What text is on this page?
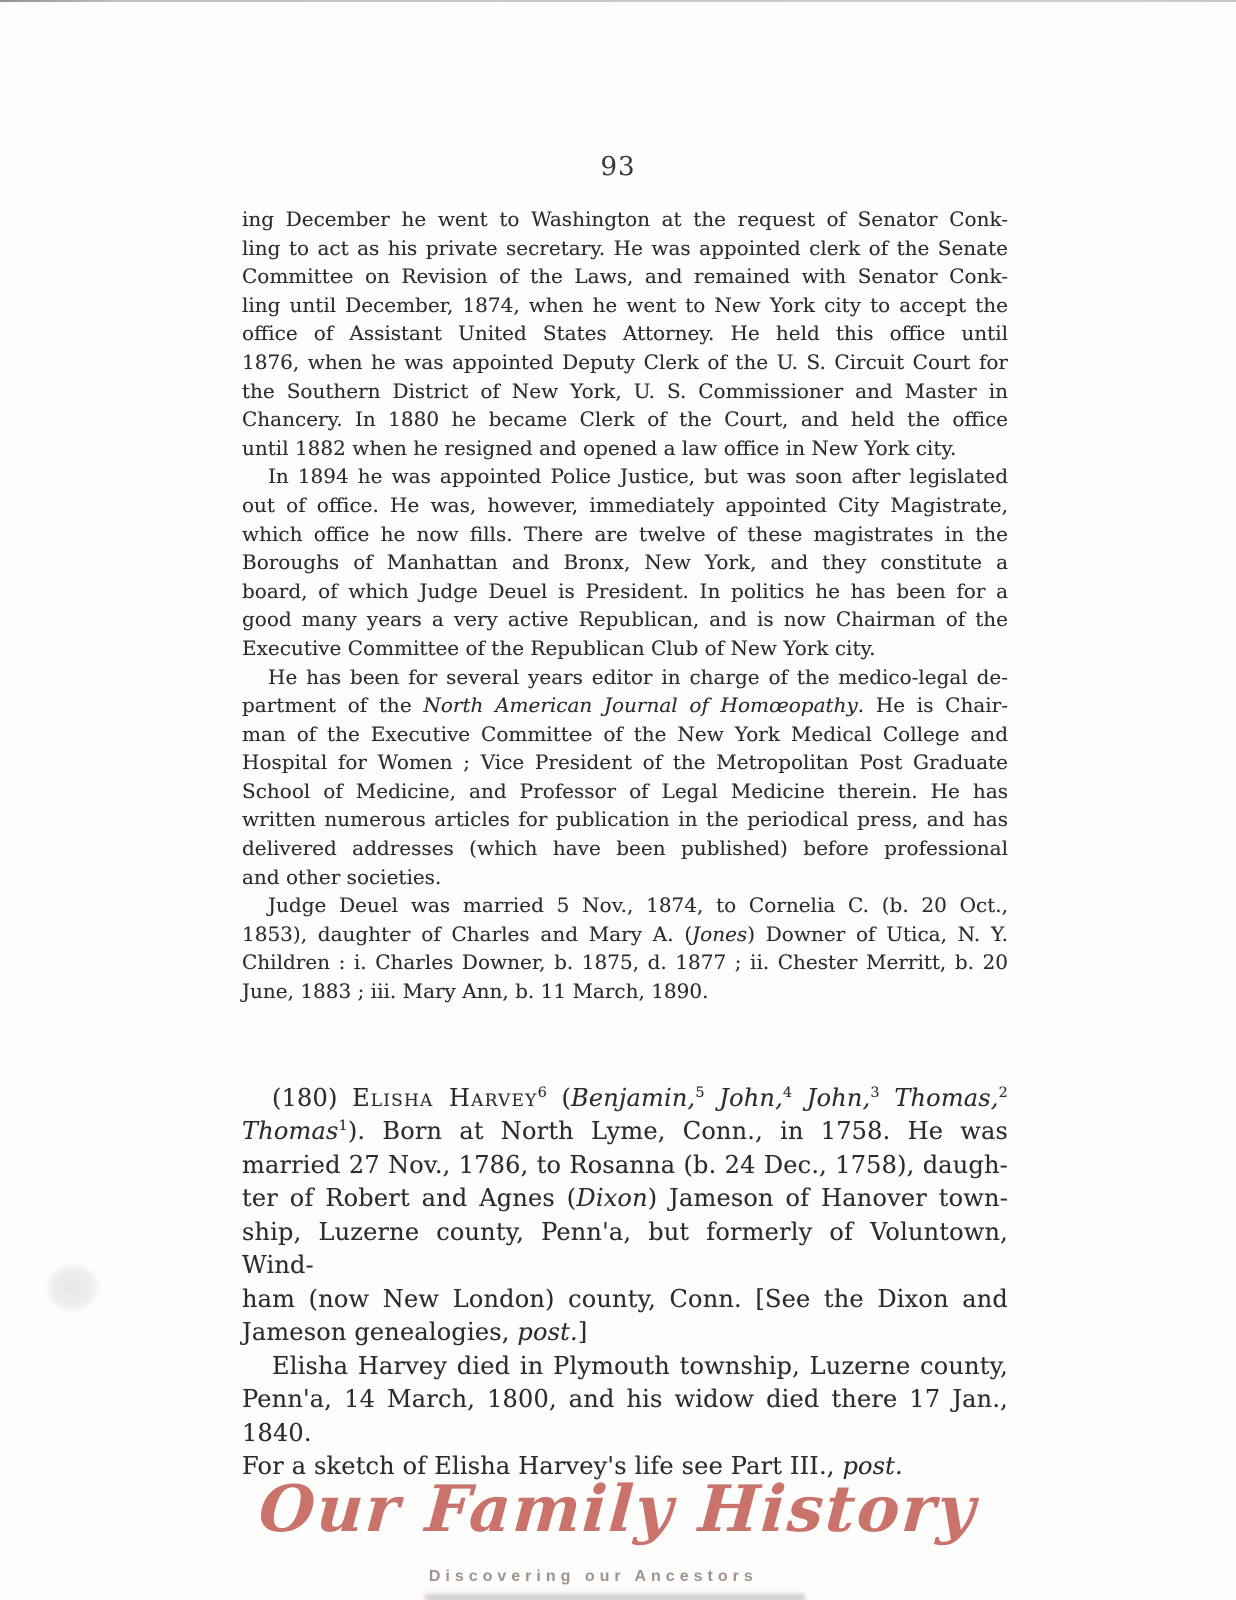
93
ing December he went to Washington at the request of Senator Conk-
ling to act as his private secretary. He was appointed clerk of the Senate
Committee on Revision of the Laws, and remained with Senator Conk-
ling until December, 1874, when he went to New York city to accept the
office of Assistant United States Attorney. He held this office until
1876, when he was appointed Deputy Clerk of the U. S. Circuit Court for
the Southern District of New York, U. S. Commissioner and Master in
Chancery. In 1880 he became Clerk of the Court, and held the office
until 1882 when he resigned and opened a law office in New York city.
In 1894 he was appointed Police Justice, but was soon after legislated
out of office. He was, however, immediately appointed City Magistrate,
which office he now fills. There are twelve of these magistrates in the
Boroughs of Manhattan and Bronx, New York, and they constitute a
board, of which Judge Deuel is President. In politics he has been for a
good many years a very active Republican, and is now Chairman of the
Executive Committee of the Republican Club of New York city.
He has been for several years editor in charge of the medico-legal de-
partment of the North American Journal of Homœopathy. He is Chair-
man of the Executive Committee of the New York Medical College and
Hospital for Women ; Vice President of the Metropolitan Post Graduate
School of Medicine, and Professor of Legal Medicine therein. He has
written numerous articles for publication in the periodical press, and has
delivered addresses (which have been published) before professional
and other societies.
Judge Deuel was married 5 Nov., 1874, to Cornelia C. (b. 20 Oct.,
1853), daughter of Charles and Mary A. (Jones) Downer of Utica, N. Y.
Children : i. Charles Downer, b. 1875, d. 1877 ; ii. Chester Merritt, b. 20
June, 1883 ; iii. Mary Ann, b. 11 March, 1890.
(180) Elisha Harvey$^6$ (Benjamin,$^5$ John,$^4$ John,$^3$ Thomas,$^2$
Thomas$^1$). Born at North Lyme, Conn., in 1758. He was
married 27 Nov., 1786, to Rosanna (b. 24 Dec., 1758), daugh-
ter of Robert and Agnes (Dixon) Jameson of Hanover town-
ship, Luzerne county, Penn'a, but formerly of Voluntown, Wind-
ham (now New London) county, Conn. [See the Dixon and
Jameson genealogies, post.]
Elisha Harvey died in Plymouth township, Luzerne county,
Penn'a, 14 March, 1800, and his widow died there 17 Jan., 1840.
For a sketch of Elisha Harvey's life see Part III., post.
Our Family History
Discovering our Ancestors
